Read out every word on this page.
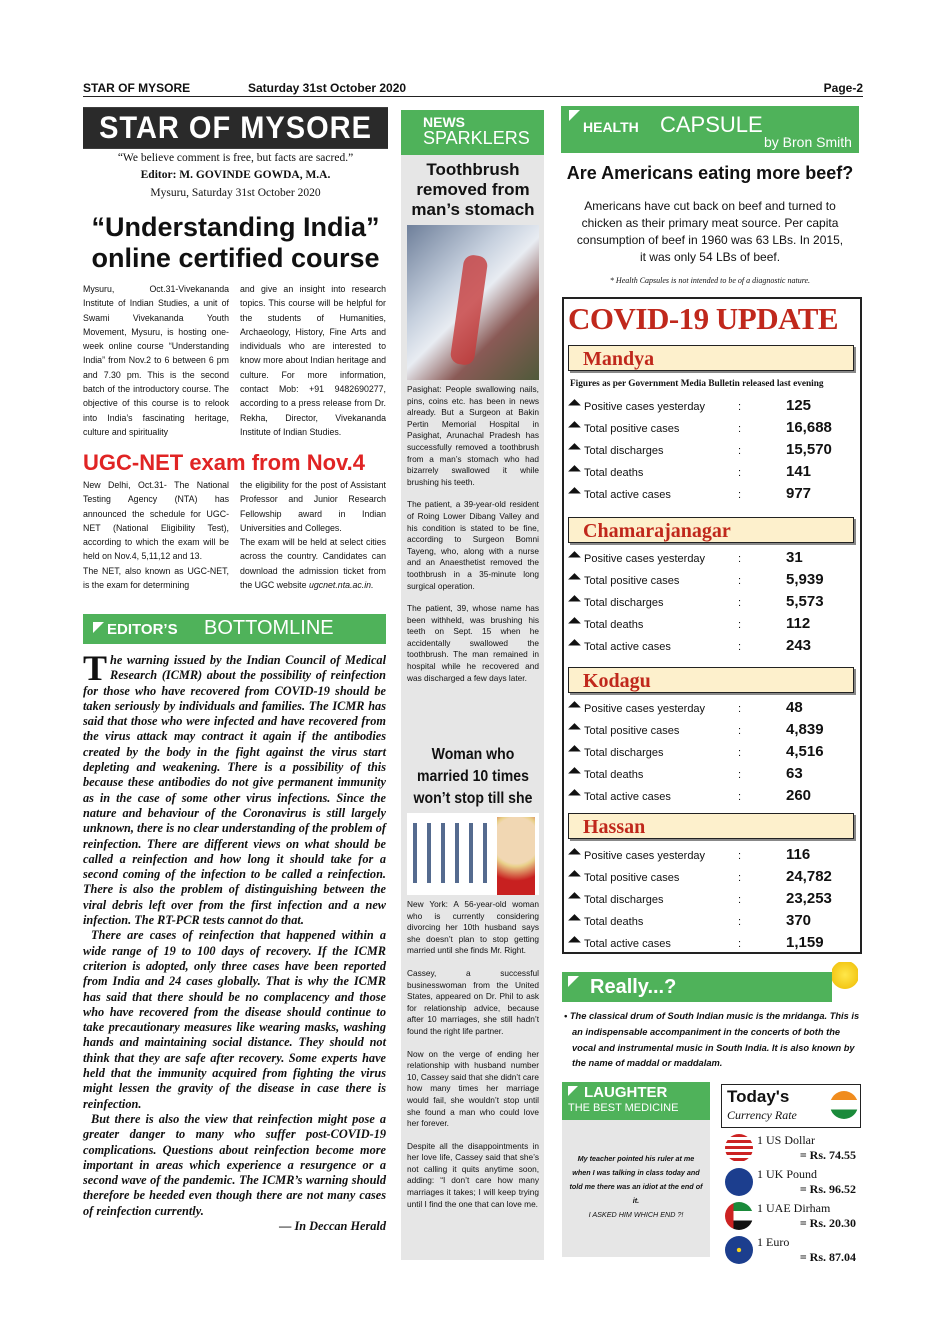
STAR OF MYSORE	Saturday 31st October 2020	Page-2
STAR OF MYSORE
“We believe comment is free, but facts are sacred.”
Editor: M. GOVINDE GOWDA, M.A.
Mysuru, Saturday 31st October 2020
“Understanding India”
online certified course
Mysuru, Oct.31-Vivekananda Institute of Indian Studies, a unit of Swami Vivekananda Youth Movement, Mysuru, is hosting one-week online course “Understanding India” from Nov.2 to 6 between 6 pm and 7.30 pm. This is the second batch of the introductory course. The objective of this course is to relook into India’s fascinating heritage, culture and spirituality
and give an insight into research topics. This course will be helpful for the students of Humanities, Archaeology, History, Fine Arts and individuals who are interested to know more about Indian heritage and culture. For more information, contact Mob: +91 9482690277, according to a press release from Dr. Rekha, Director, Vivekananda Institute of Indian Studies.
UGC-NET exam from Nov.4
New Delhi, Oct.31- The National Testing Agency (NTA) has announced the schedule for UGC-NET (National Eligibility Test), according to which the exam will be held on Nov.4, 5,11,12 and 13.
The NET, also known as UGC-NET, is the exam for determining
the eligibility for the post of Assistant Professor and Junior Research Fellowship award in Indian Universities and Colleges.
The exam will be held at select cities across the country. Candidates can download the admission ticket from the UGC website ugcnet.nta.ac.in.
EDITOR’S BOTTOMLINE

The warning issued by the Indian Council of Medical Research (ICMR) about the possibility of reinfection for those who have recovered from COVID-19 should be taken seriously by individuals and families. The ICMR has said that those who were infected and have recovered from the virus attack may contract it again if the antibodies created by the body in the fight against the virus start depleting and weakening. There is a possibility of this because these antibodies do not give permanent immunity as in the case of some other virus infections. Since the nature and behaviour of the Coronavirus is still largely unknown, there is no clear understanding of the problem of reinfection. There are different views on what should be called a reinfection and how long it should take for a second coming of the infection to be called a reinfection. There is also the problem of distinguishing between the viral debris left over from the first infection and a new infection. The RT-PCR tests cannot do that.

There are cases of reinfection that happened within a wide range of 19 to 100 days of recovery. If the ICMR criterion is adopted, only three cases have been reported from India and 24 cases globally. That is why the ICMR has said that there should be no complacency and those who have recovered from the disease should continue to take precautionary measures like wearing masks, washing hands and maintaining social distance. They should not think that they are safe after recovery. Some experts have held that the immunity acquired from fighting the virus might lessen the gravity of the disease in case there is reinfection.

But there is also the view that reinfection might pose a greater danger to many who suffer post-COVID-19 complications. Questions about reinfection become more important in areas which experience a resurgence or a second wave of the pandemic. The ICMR’s warning should therefore be heeded even though there are not many cases of reinfection currently.

— In Deccan Herald

NEWS
SPARKLERS
Toothbrush removed from man’s stomach

Pasighat: People swallowing nails, pins, coins etc. has been in news already. But a Surgeon at Bakin Pertin Memorial Hospital in Pasighat, Arunachal Pradesh has successfully removed a toothbrush from a man’s stomach who had bizarrely swallowed it while brushing his teeth.

The patient, a 39-year-old resident of Roing Lower Dibang Valley and his condition is stated to be fine, according to Surgeon Bomni Tayeng, who, along with a nurse and an Anaesthetist removed the toothbrush in a 35-minute long surgical operation.

The patient, 39, whose name has been withheld, was brushing his teeth on Sept. 15 when he accidentally swallowed the toothbrush. The man remained in hospital while he recovered and was discharged a few days later.

Woman who married 10 times won’t stop till she

New York: A 56-year-old woman who is currently considering divorcing her 10th husband says she doesn’t plan to stop getting married until she finds Mr. Right.

Cassey, a successful businesswoman from the United States, appeared on Dr. Phil to ask for relationship advice, because after 10 marriages, she still hadn’t found the right life partner.

Now on the verge of ending her relationship with husband number 10, Cassey said that she didn’t care how many times her marriage would fail, she wouldn’t stop until she found a man who could love her forever.

Despite all the disappointments in her love life, Cassey said that she’s not calling it quits anytime soon, adding: “I don’t care how many marriages it takes; I will keep trying until I find the one that can love me.

HEALTH CAPSULE
by Bron Smith
Are Americans eating more beef?
Americans have cut back on beef and turned to chicken as their primary meat source. Per capita consumption of beef in 1960 was 63 LBs. In 2015, it was only 54 LBs of beef.
* Health Capsules is not intended to be of a diagnostic nature.
COVID-19 UPDATE
Mandya
Figures as per Government Media Bulletin released last evening
Positive cases yesterday	:	125
Total positive cases	:	16,688
Total discharges	:	15,570
Total deaths	:	141
Total active cases	:	977
Chamarajanagar
Positive cases yesterday	:	31
Total positive cases	:	5,939
Total discharges	:	5,573
Total deaths	:	112
Total active cases	:	243
Kodagu
Positive cases yesterday	:	48
Total positive cases	:	4,839
Total discharges	:	4,516
Total deaths	:	63
Total active cases	:	260
Hassan
Positive cases yesterday	:	116
Total positive cases	:	24,782
Total discharges	:	23,253
Total deaths	:	370
Total active cases	:	1,159
Really...?
• The classical drum of South Indian music is the mridanga. This is an indispensable accompaniment in the concerts of both the vocal and instrumental music in South India. It is also known by the name of maddal or maddalam.
LAUGHTER
THE BEST MEDICINE
My teacher pointed his ruler at me when I was talking in class today and told me there was an idiot at the end of it.
I ASKED HIM WHICH END ?!
Today's
Currency Rate
1 US Dollar
= Rs. 74.55
1 UK Pound
= Rs. 96.52
1 UAE Dirham
= Rs. 20.30
1 Euro
= Rs. 87.04
